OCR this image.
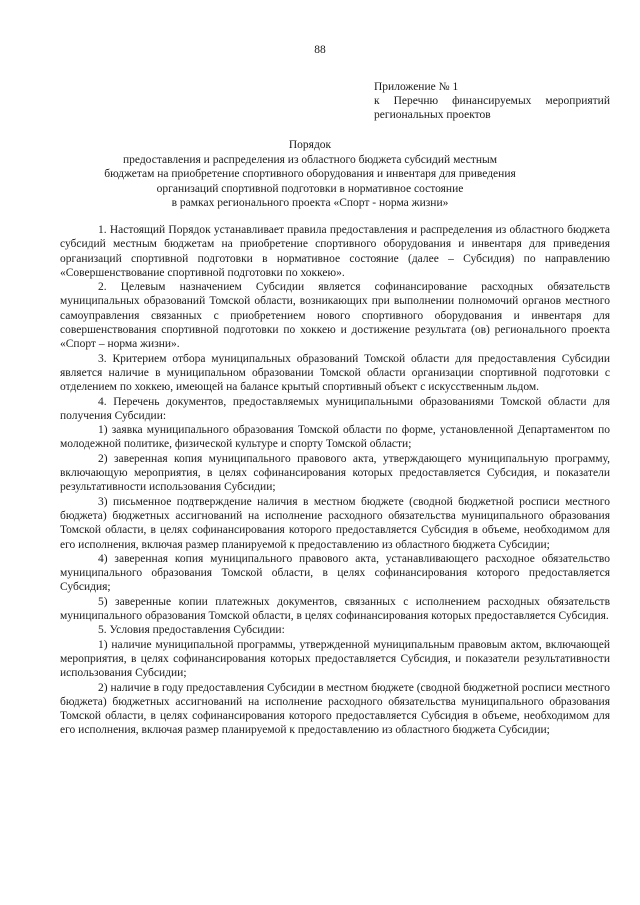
88
Приложение № 1
к Перечню финансируемых мероприятий
региональных проектов
Порядок
предоставления и распределения из областного бюджета субсидий местным
бюджетам на приобретение спортивного оборудования и инвентаря для приведения
организаций спортивной подготовки в нормативное состояние
в рамках регионального проекта «Спорт - норма жизни»

1. Настоящий Порядок устанавливает правила предоставления и распределения из областного бюджета субсидий местным бюджетам на приобретение спортивного оборудования и инвентаря для приведения организаций спортивной подготовки в нормативное состояние (далее – Субсидия) по направлению «Совершенствование спортивной подготовки по хоккею».

2. Целевым назначением Субсидии является софинансирование расходных обязательств муниципальных образований Томской области, возникающих при выполнении полномочий органов местного самоуправления связанных с приобретением нового спортивного оборудования и инвентаря для совершенствования спортивной подготовки по хоккею и достижение результата (ов) регионального проекта «Спорт – норма жизни».

3. Критерием отбора муниципальных образований Томской области для предоставления Субсидии является наличие в муниципальном образовании Томской области организации спортивной подготовки с отделением по хоккею, имеющей на балансе крытый спортивный объект с искусственным льдом.

4. Перечень документов, предоставляемых муниципальными образованиями Томской области для получения Субсидии:

1) заявка муниципального образования Томской области по форме, установленной Департаментом по молодежной политике, физической культуре и спорту Томской области;

2) заверенная копия муниципального правового акта, утверждающего муниципальную программу, включающую мероприятия, в целях софинансирования которых предоставляется Субсидия, и показатели результативности использования Субсидии;

3) письменное подтверждение наличия в местном бюджете (сводной бюджетной росписи местного бюджета) бюджетных ассигнований на исполнение расходного обязательства муниципального образования Томской области, в целях софинансирования которого предоставляется Субсидия в объеме, необходимом для его исполнения, включая размер планируемой к предоставлению из областного бюджета Субсидии;

4) заверенная копия муниципального правового акта, устанавливающего расходное обязательство муниципального образования Томской области, в целях софинансирования которого предоставляется Субсидия;

5) заверенные копии платежных документов, связанных с исполнением расходных обязательств муниципального образования Томской области, в целях софинансирования которых предоставляется Субсидия.

5. Условия предоставления Субсидии:

1) наличие муниципальной программы, утвержденной муниципальным правовым актом, включающей мероприятия, в целях софинансирования которых предоставляется Субсидия, и показатели результативности использования Субсидии;

2) наличие в году предоставления Субсидии в местном бюджете (сводной бюджетной росписи местного бюджета) бюджетных ассигнований на исполнение расходного обязательства муниципального образования Томской области, в целях софинансирования которого предоставляется Субсидия в объеме, необходимом для его исполнения, включая размер планируемой к предоставлению из областного бюджета Субсидии;
